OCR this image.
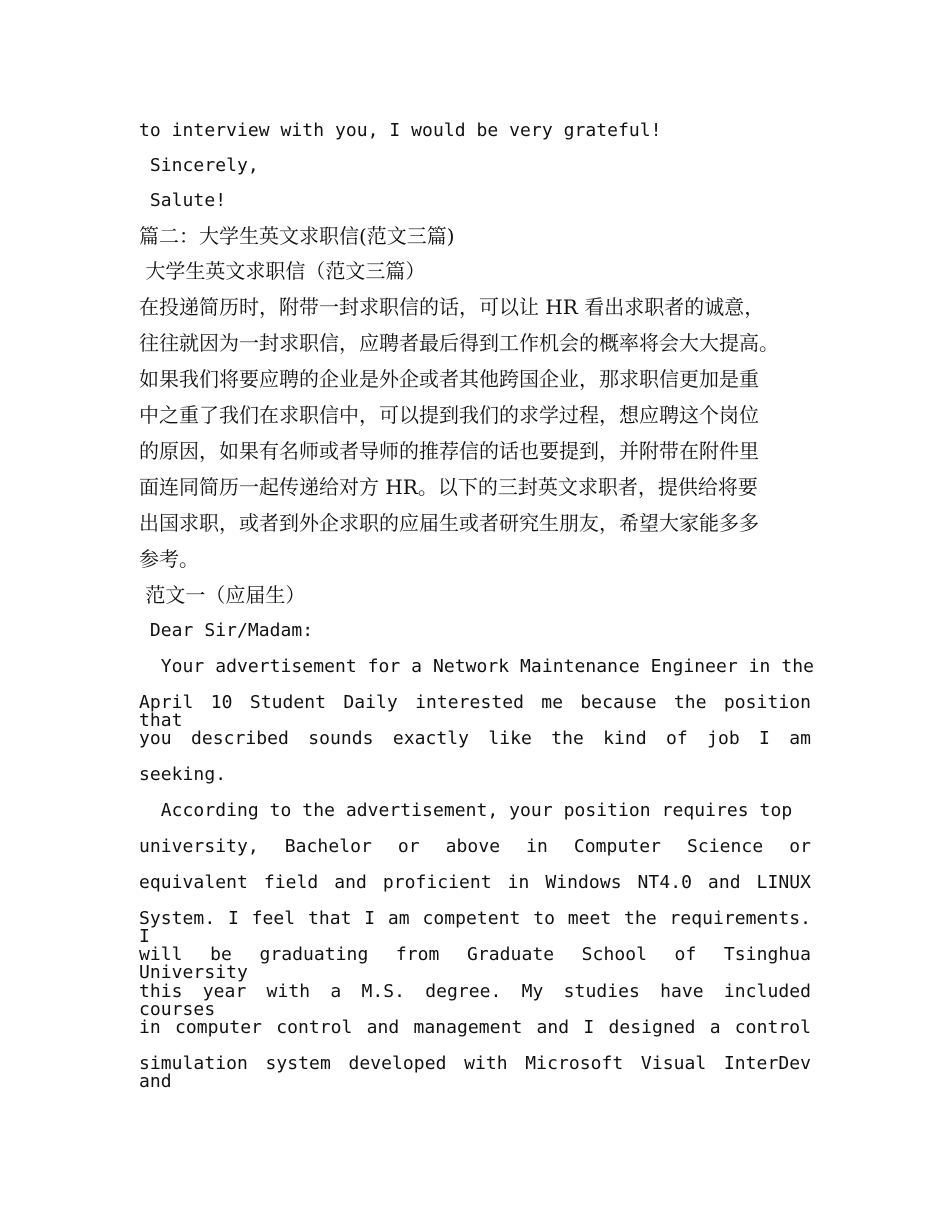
to interview with you, I would be very grateful!
Sincerely,
Salute!
篇二：大学生英文求职信(范文三篇)
大学生英文求职信（范文三篇）
在投递简历时，附带一封求职信的话，可以让 HR 看出求职者的诚意，
往往就因为一封求职信，应聘者最后得到工作机会的概率将会大大提高。
如果我们将要应聘的企业是外企或者其他跨国企业，那求职信更加是重
中之重了我们在求职信中，可以提到我们的求学过程，想应聘这个岗位
的原因，如果有名师或者导师的推荐信的话也要提到，并附带在附件里
面连同简历一起传递给对方 HR。以下的三封英文求职者，提供给将要
出国求职，或者到外企求职的应届生或者研究生朋友，希望大家能多多
参考。
范文一（应届生）
Dear Sir/Madam:
Your advertisement for a Network Maintenance Engineer in the
April 10 Student Daily interested me because the position that
you described sounds exactly like the kind of job I am
seeking.
According to the advertisement, your position requires top
university, Bachelor or above in Computer Science or
equivalent field and proficient in Windows NT4.0 and LINUX
System. I feel that I am competent to meet the requirements. I
will be graduating from Graduate School of Tsinghua University
this year with a M.S. degree. My studies have included courses
in computer control and management and I designed a control
simulation system developed with Microsoft Visual InterDev and
